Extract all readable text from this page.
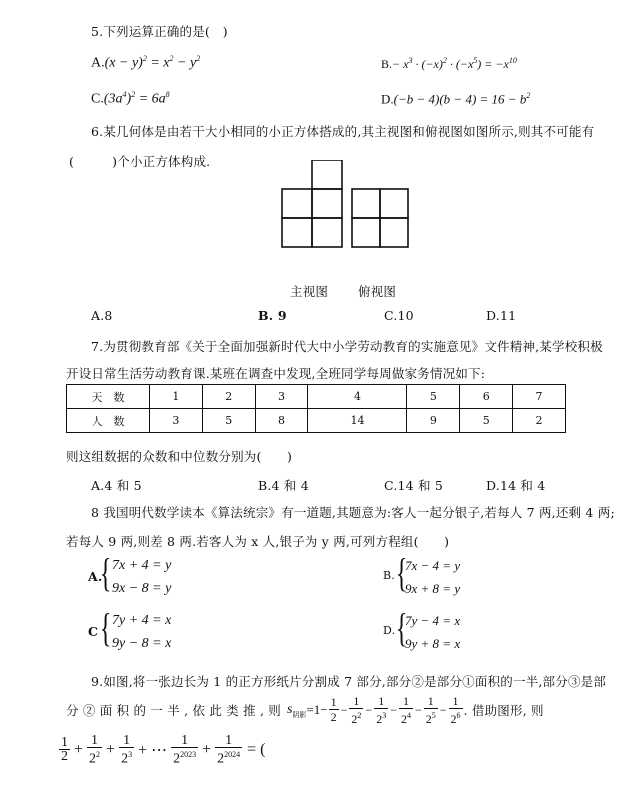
5.下列运算正确的是(　)
$A.(x - y)^2 = x^2 - y^2$	$B.- x^3 \cdot (-x)^2 \cdot (-x^5) = -x^{10}$
$C.(3a^4)^2 = 6a^8$	$D.(-b - 4)(b - 4) = 16 - b^2$
6.某几何体是由若干大小相同的小正方体搭成的,其主视图和俯视图如图所示,则其不可能有
(　　　)个小正方体构成.
主视图 俯视图
A.8	B. 9	C.10	D.11
7.为贯彻教育部《关于全面加强新时代大中小学劳动教育的实施意见》文件精神,某学校积极
开设日常生活劳动教育课.某班在调查中发现,全班同学每周做家务情况如下:
天　数	1	2	3	4	5	6	7
人　数	3	5	8	14	9	5	2
则这组数据的众数和中位数分别为(　　)
A.4 和 5	B.4 和 4	C.14 和 5	D.14 和 4
8 我国明代数学读本《算法统宗》有一道题,其题意为:客人一起分银子,若每人 7 两,还剩 4 两;
若每人 9 两,则差 8 两.若客人为 x 人,银子为 y 两,可列方程组(　　)
A.
{ 7x + 4 = y
9x − 8 = y
B. {
7x − 4 = y
9x + 8 = y
C { 7y + 4 = x
9y − 8 = x
D. {
7y − 4 = x
9y + 8 = x
9.如图,将一张边长为 1 的正方形纸片分割成 7 部分,部分②是部分①面积的一半,部分③是部
分 ② 面 积 的 一 半 , 依 此 类 推 , 则 s 阴影 $=1- \frac{1}{2} - \frac{1}{2^2} - \frac{1}{2^3} - \frac{1}{2^4} - \frac{1}{2^5} - \frac{1}{2^6}$ . 借助图形, 则
$\frac{1}{2} + \frac{1}{2^2} + \frac{1}{2^3}$ + ⋯ $\frac{1}{2^{2023}} + \frac{1}{2^{2024}}$ = (
